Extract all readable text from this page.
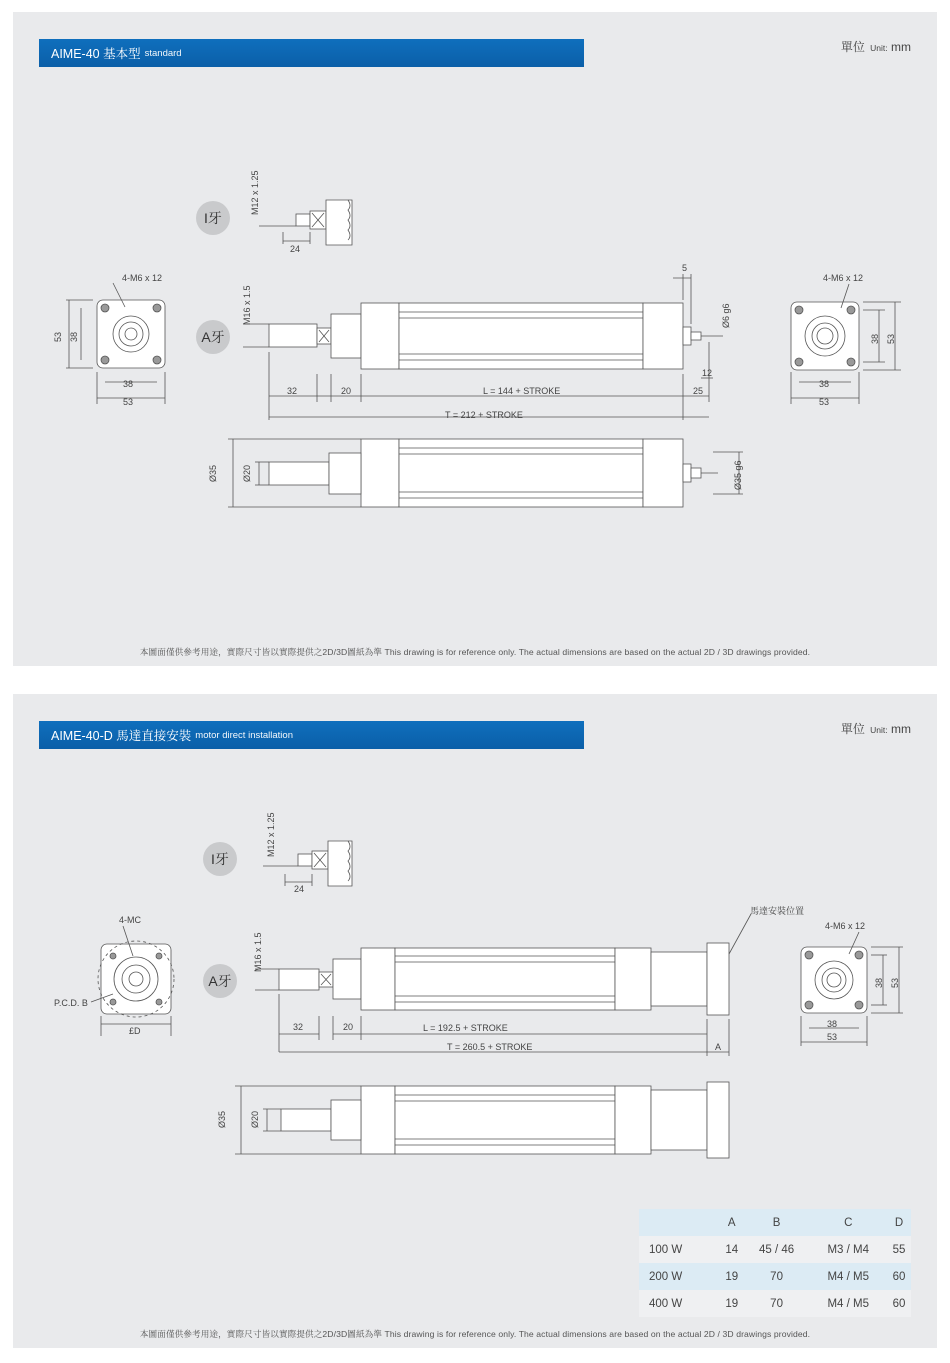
AIME-40 基本型 standard	單位 Unit: mm
I牙
A牙
M12 x 1.25
24
M16 x 1.5
4-M6 x 12
53 38
38
53
5
Ø6 g6
12
32	20	L = 144 + STROKE	25
T = 212 + STROKE
4-M6 x 12
38 53
38
53
Ø35	Ø20	Ø35 g6
本圖面僅供參考用途，實際尺寸皆以實際提供之2D/3D圖紙為準 This drawing is for reference only. The actual dimensions are based on the actual 2D / 3D drawings provided.
AIME-40-D 馬達直接安裝 motor direct installation	單位 Unit: mm
I牙
A牙
M12 x 1.25
24
M16 x 1.5
4-MC
P.C.D. B
£D	32	20	L = 192.5 + STROKE
T = 260.5 + STROKE	A
馬達安裝位置
4-M6 x 12
38 53
38
53
Ø35	Ø20
	A	B	C	D
100 W	14	45 / 46	M3 / M4	55
200 W	19	70	M4 / M5	60
400 W	19	70	M4 / M5	60
本圖面僅供參考用途，實際尺寸皆以實際提供之2D/3D圖紙為準 This drawing is for reference only. The actual dimensions are based on the actual 2D / 3D drawings provided.
